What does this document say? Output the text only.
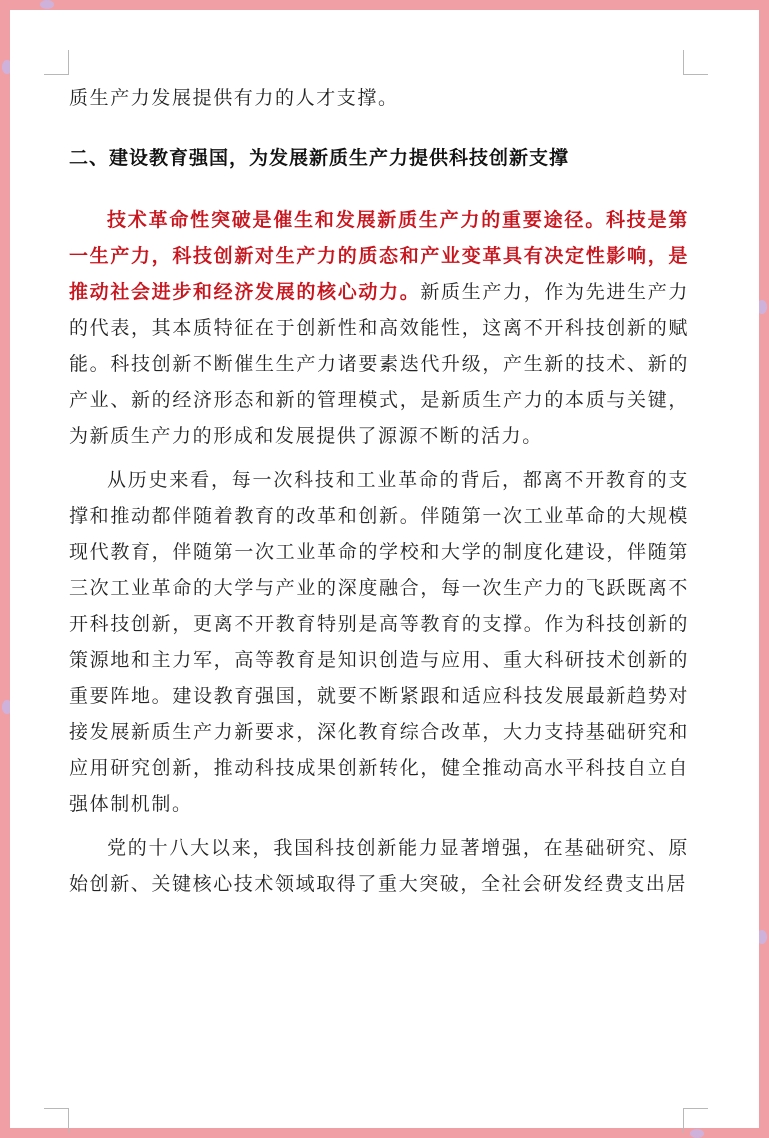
质生产力发展提供有力的人才支撑。

二、建设教育强国，为发展新质生产力提供科技创新支撑

技术革命性突破是催生和发展新质生产力的重要途径。科技是第一生产力，科技创新对生产力的质态和产业变革具有决定性影响，是推动社会进步和经济发展的核心动力。新质生产力，作为先进生产力的代表，其本质特征在于创新性和高效能性，这离不开科技创新的赋能。科技创新不断催生生产力诸要素迭代升级，产生新的技术、新的产业、新的经济形态和新的管理模式，是新质生产力的本质与关键，为新质生产力的形成和发展提供了源源不断的活力。

从历史来看，每一次科技和工业革命的背后，都离不开教育的支撑和推动都伴随着教育的改革和创新。伴随第一次工业革命的大规模现代教育，伴随第一次工业革命的学校和大学的制度化建设，伴随第三次工业革命的大学与产业的深度融合，每一次生产力的飞跃既离不开科技创新，更离不开教育特别是高等教育的支撑。作为科技创新的策源地和主力军，高等教育是知识创造与应用、重大科研技术创新的重要阵地。建设教育强国，就要不断紧跟和适应科技发展最新趋势对接发展新质生产力新要求，深化教育综合改革，大力支持基础研究和应用研究创新，推动科技成果创新转化，健全推动高水平科技自立自强体制机制。

党的十八大以来，我国科技创新能力显著增强，在基础研究、原始创新、关键核心技术领域取得了重大突破，全社会研发经费支出居
